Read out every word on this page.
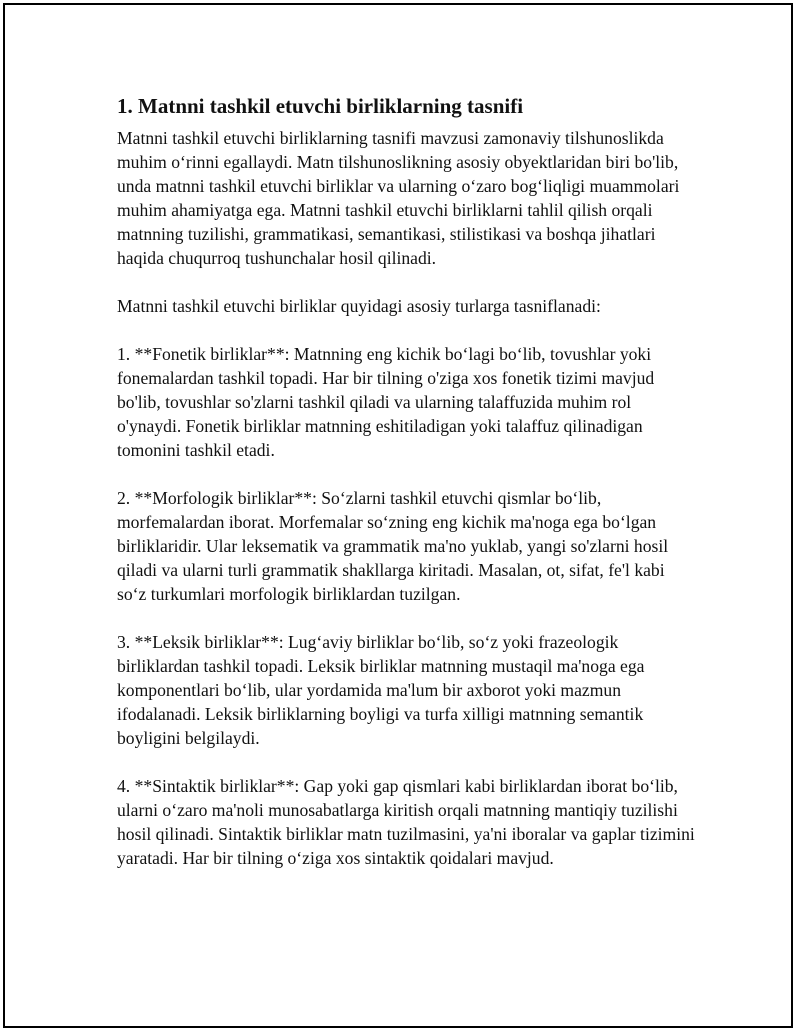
1. Matnni tashkil etuvchi birliklarning tasnifi

Matnni tashkil etuvchi birliklarning tasnifi mavzusi zamonaviy tilshunoslikda muhim o‘rinni egallaydi. Matn tilshunoslikning asosiy obyektlaridan biri bo'lib, unda matnni tashkil etuvchi birliklar va ularning o‘zaro bog‘liqligi muammolari muhim ahamiyatga ega. Matnni tashkil etuvchi birliklarni tahlil qilish orqali matnning tuzilishi, grammatikasi, semantikasi, stilistikasi va boshqa jihatlari haqida chuqurroq tushunchalar hosil qilinadi.

Matnni tashkil etuvchi birliklar quyidagi asosiy turlarga tasniflanadi:

1. **Fonetik birliklar**: Matnning eng kichik bo‘lagi bo‘lib, tovushlar yoki fonemalardan tashkil topadi. Har bir tilning o'ziga xos fonetik tizimi mavjud bo'lib, tovushlar so'zlarni tashkil qiladi va ularning talaffuzida muhim rol o'ynaydi. Fonetik birliklar matnning eshitiladigan yoki talaffuz qilinadigan tomonini tashkil etadi.

2. **Morfologik birliklar**: So‘zlarni tashkil etuvchi qismlar bo‘lib, morfemalardan iborat. Morfemalar so‘zning eng kichik ma'noga ega bo‘lgan birliklaridir. Ular leksematik va grammatik ma'no yuklab, yangi so'zlarni hosil qiladi va ularni turli grammatik shakllarga kiritadi. Masalan, ot, sifat, fe'l kabi so‘z turkumlari morfologik birliklardan tuzilgan.

3. **Leksik birliklar**: Lug‘aviy birliklar bo‘lib, so‘z yoki frazeologik birliklardan tashkil topadi. Leksik birliklar matnning mustaqil ma'noga ega komponentlari bo‘lib, ular yordamida ma'lum bir axborot yoki mazmun ifodalanadi. Leksik birliklarning boyligi va turfa xilligi matnning semantik boyligini belgilaydi.

4. **Sintaktik birliklar**: Gap yoki gap qismlari kabi birliklardan iborat bo‘lib, ularni o‘zaro ma'noli munosabatlarga kiritish orqali matnning mantiqiy tuzilishi hosil qilinadi. Sintaktik birliklar matn tuzilmasini, ya'ni iboralar va gaplar tizimini yaratadi. Har bir tilning o‘ziga xos sintaktik qoidalari mavjud.
